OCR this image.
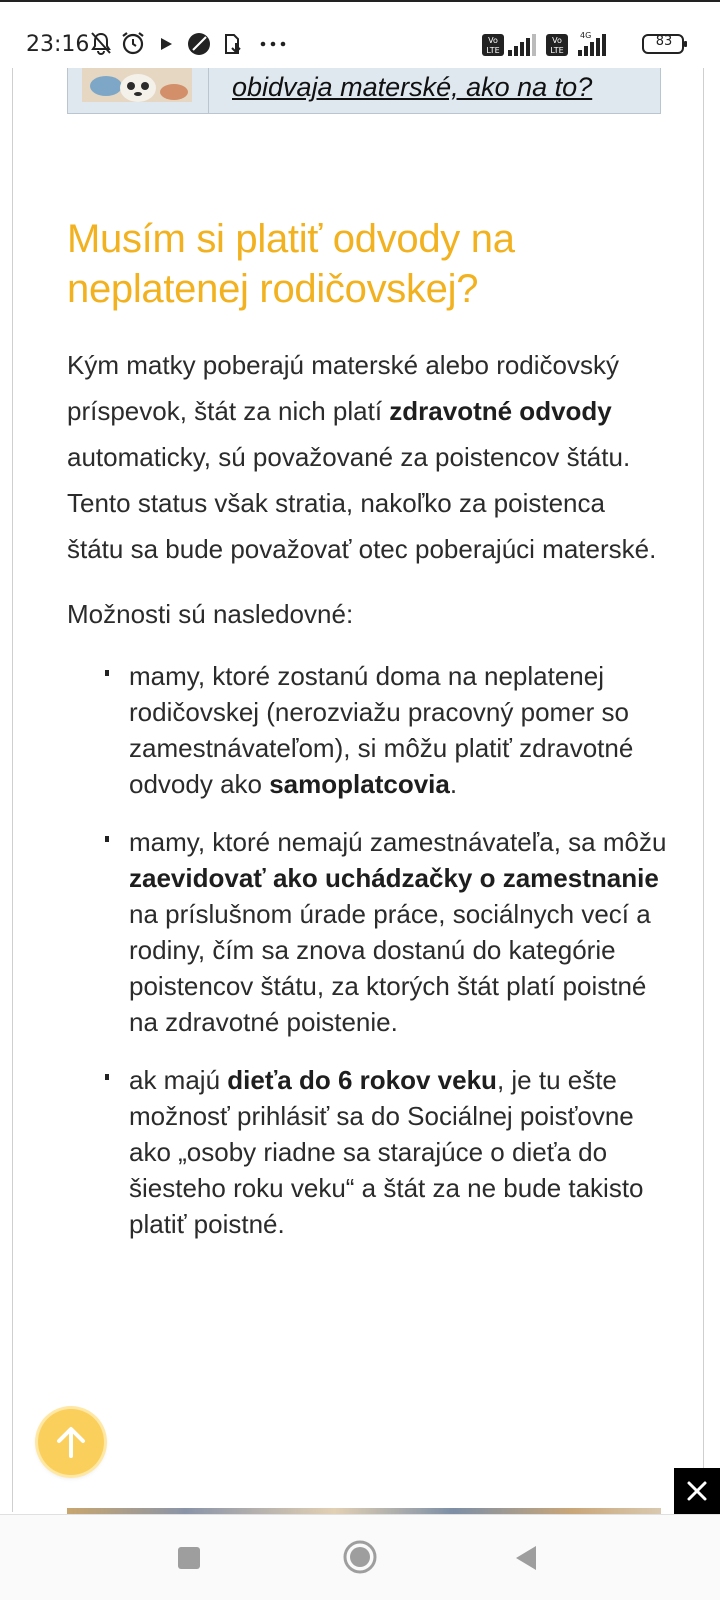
23:16	Vo
LTE
Vo
LTE
4G	83
obidvaja materské, ako na to?
Musím si platiť odvody na neplatenej rodičovskej?

Kým matky poberajú materské alebo rodičovský príspevok, štát za nich platí zdravotné odvody automaticky, sú považované za poistencov štátu. Tento status však stratia, nakoľko za poistenca štátu sa bude považovať otec poberajúci materské.

Možnosti sú nasledovné:

mamy, ktoré zostanú doma na neplatenej rodičovskej (nerozviažu pracovný pomer so zamestnávateľom), si môžu platiť zdravotné odvody ako samoplatcovia.
mamy, ktoré nemajú zamestnávateľa, sa môžu zaevidovať ako uchádzačky o zamestnanie na príslušnom úrade práce, sociálnych vecí a rodiny, čím sa znova dostanú do kategórie poistencov štátu, za ktorých štát platí poistné na zdravotné poistenie.
ak majú dieťa do 6 rokov veku, je tu ešte možnosť prihlásiť sa do Sociálnej poisťovne ako „osoby riadne sa starajúce o dieťa do šiesteho roku veku“ a štát za ne bude takisto platiť poistné.
